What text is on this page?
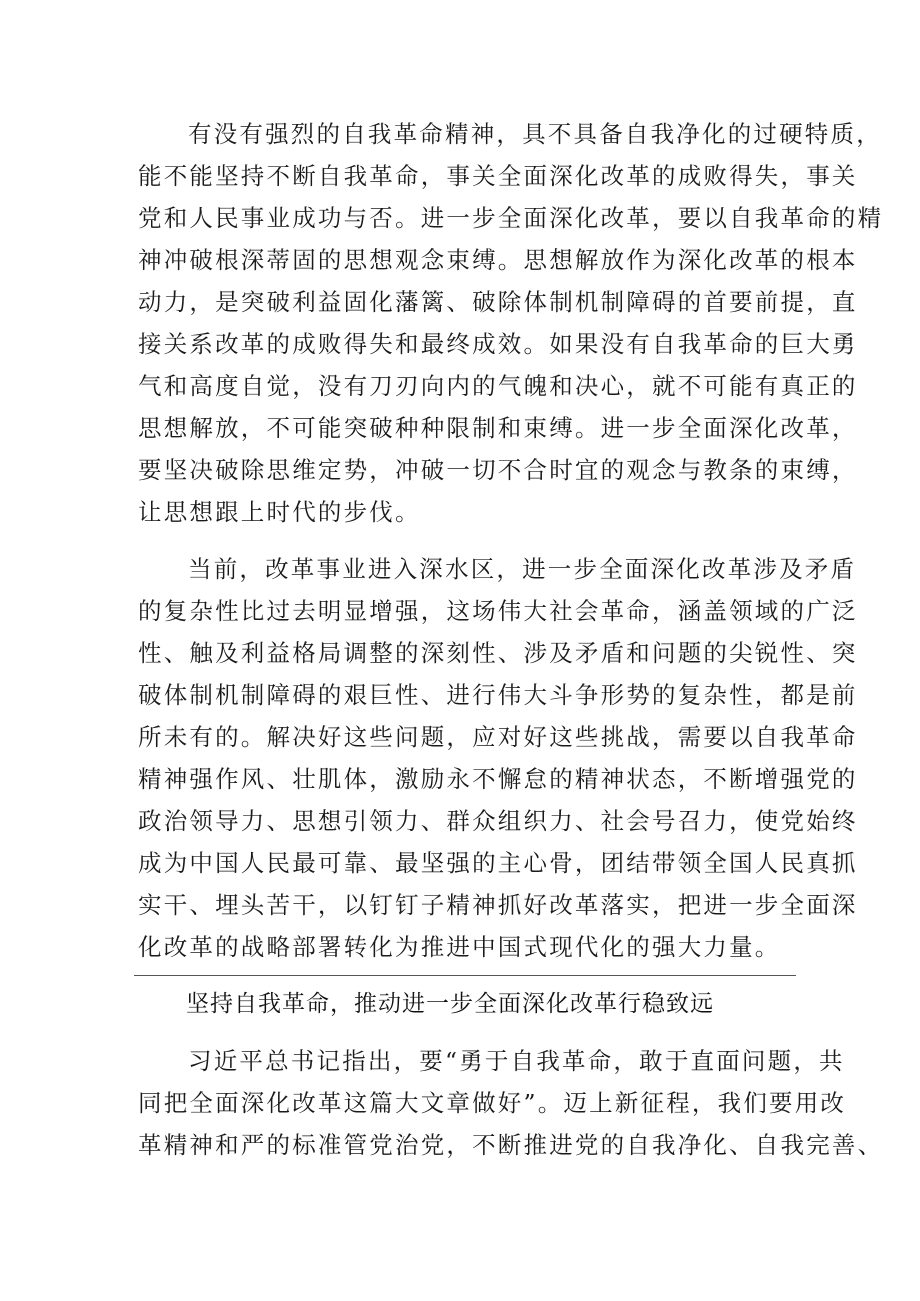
有没有强烈的自我革命精神，具不具备自我净化的过硬特质，
能不能坚持不断自我革命，事关全面深化改革的成败得失，事关
党和人民事业成功与否。进一步全面深化改革，要以自我革命的精
神冲破根深蒂固的思想观念束缚。思想解放作为深化改革的根本
动力，是突破利益固化藩篱、破除体制机制障碍的首要前提，直
接关系改革的成败得失和最终成效。如果没有自我革命的巨大勇
气和高度自觉，没有刀刃向内的气魄和决心，就不可能有真正的
思想解放，不可能突破种种限制和束缚。进一步全面深化改革，
要坚决破除思维定势，冲破一切不合时宜的观念与教条的束缚，
让思想跟上时代的步伐。
当前，改革事业进入深水区，进一步全面深化改革涉及矛盾
的复杂性比过去明显增强，这场伟大社会革命，涵盖领域的广泛
性、触及利益格局调整的深刻性、涉及矛盾和问题的尖锐性、突
破体制机制障碍的艰巨性、进行伟大斗争形势的复杂性，都是前
所未有的。解决好这些问题，应对好这些挑战，需要以自我革命
精神强作风、壮肌体，激励永不懈怠的精神状态，不断增强党的
政治领导力、思想引领力、群众组织力、社会号召力，使党始终
成为中国人民最可靠、最坚强的主心骨，团结带领全国人民真抓
实干、埋头苦干，以钉钉子精神抓好改革落实，把进一步全面深
化改革的战略部署转化为推进中国式现代化的强大力量。
坚持自我革命，推动进一步全面深化改革行稳致远
习近平总书记指出，要“勇于自我革命，敢于直面问题，共
同把全面深化改革这篇大文章做好”。迈上新征程，我们要用改
革精神和严的标准管党治党，不断推进党的自我净化、自我完善、
